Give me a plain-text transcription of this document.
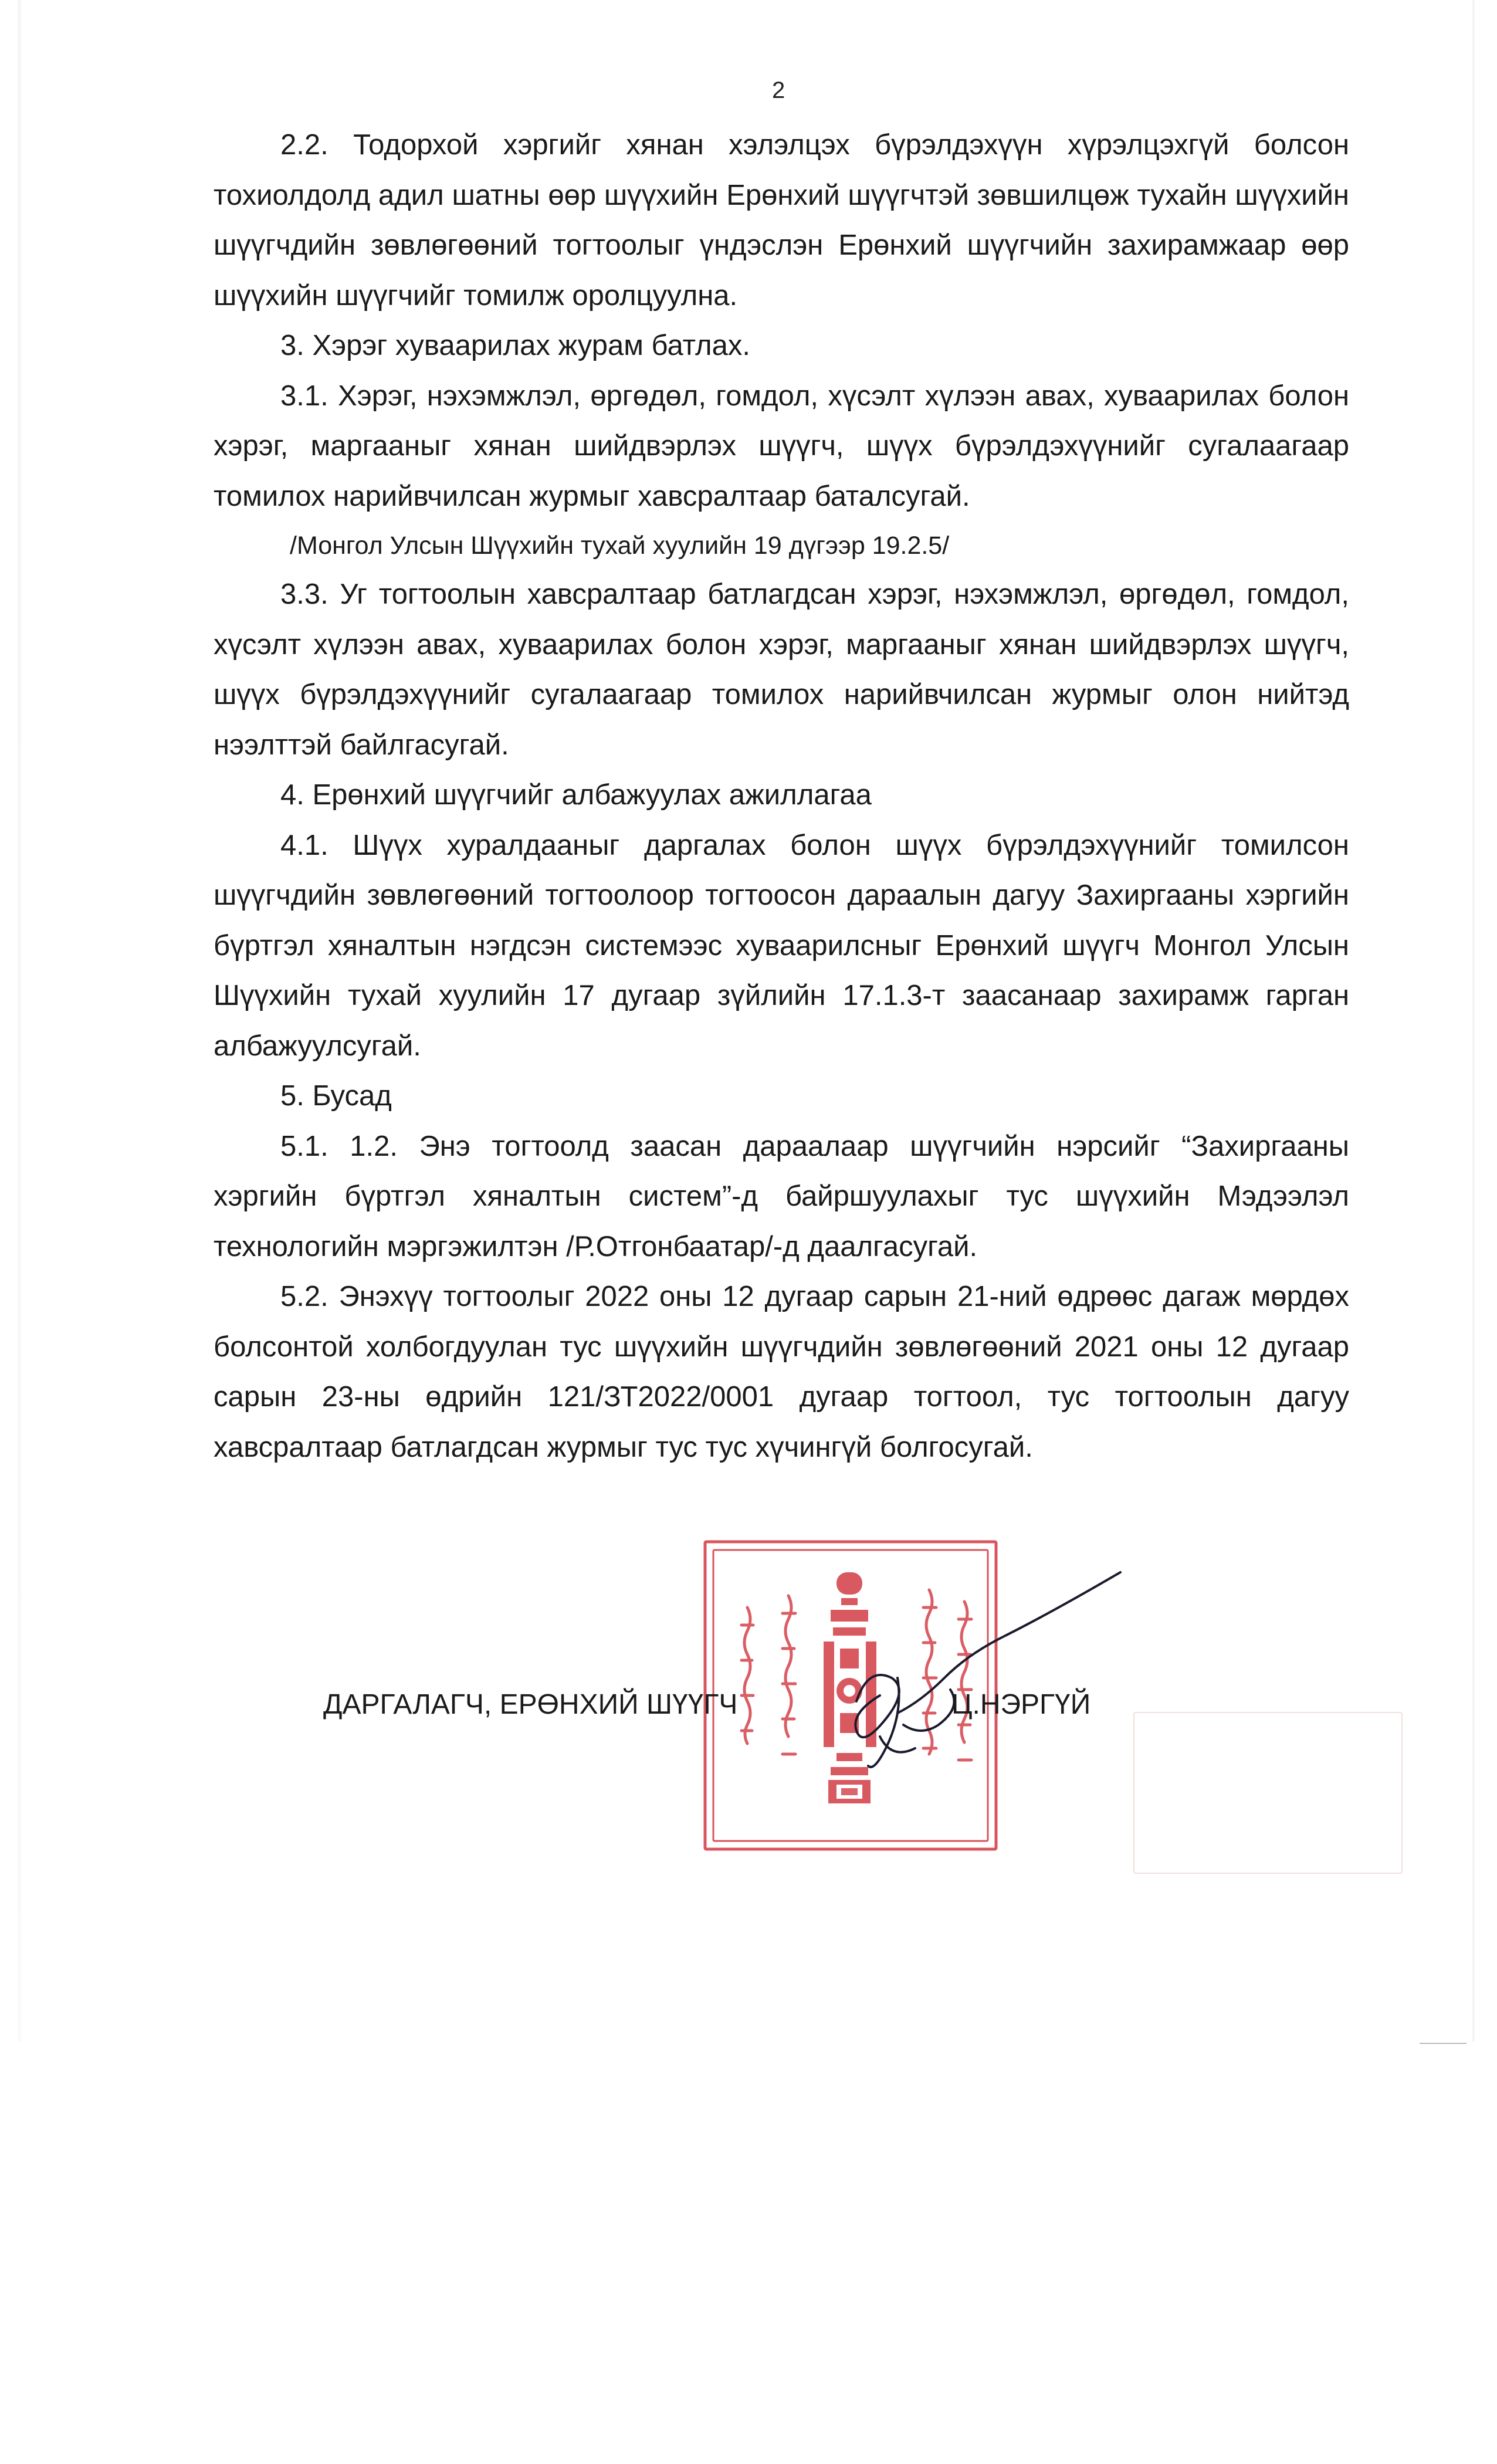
2

2.2. Тодорхой хэргийг хянан хэлэлцэх бүрэлдэхүүн хүрэлцэхгүй болсон тохиолдолд адил шатны өөр шүүхийн Ерөнхий шүүгчтэй зөвшилцөж тухайн шүүхийн шүүгчдийн зөвлөгөөний тогтоолыг үндэслэн Ерөнхий шүүгчийн захирамжаар өөр шүүхийн шүүгчийг томилж оролцуулна.

3. Хэрэг хуваарилах журам батлах.

3.1. Хэрэг, нэхэмжлэл, өргөдөл, гомдол, хүсэлт хүлээн авах, хуваарилах болон хэрэг, маргааныг хянан шийдвэрлэх шүүгч, шүүх бүрэлдэхүүнийг сугалаагаар томилох нарийвчилсан журмыг хавсралтаар баталсугай.

/Монгол Улсын Шүүхийн тухай хуулийн 19 дүгээр 19.2.5/

3.3. Уг тогтоолын хавсралтаар батлагдсан хэрэг, нэхэмжлэл, өргөдөл, гомдол, хүсэлт хүлээн авах, хуваарилах болон хэрэг, маргааныг хянан шийдвэрлэх шүүгч, шүүх бүрэлдэхүүнийг сугалаагаар томилох нарийвчилсан журмыг олон нийтэд нээлттэй байлгасугай.

4. Ерөнхий шүүгчийг албажуулах ажиллагаа

4.1. Шүүх хуралдааныг даргалах болон шүүх бүрэлдэхүүнийг томилсон шүүгчдийн зөвлөгөөний тогтоолоор тогтоосон дараалын дагуу Захиргааны хэргийн бүртгэл хяналтын нэгдсэн системээс хуваарилсныг Ерөнхий шүүгч Монгол Улсын Шүүхийн тухай хуулийн 17 дугаар зүйлийн 17.1.3-т заасанаар захирамж гарган албажуулсугай.

5. Бусад

5.1. 1.2. Энэ тогтоолд заасан дараалаар шүүгчийн нэрсийг “Захиргааны хэргийн бүртгэл хяналтын систем”-д байршуулахыг тус шүүхийн Мэдээлэл технологийн мэргэжилтэн /Р.Отгонбаатар/-д даалгасугай.

5.2. Энэхүү тогтоолыг 2022 оны 12 дугаар сарын 21-ний өдрөөс дагаж мөрдөх болсонтой холбогдуулан тус шүүхийн шүүгчдийн зөвлөгөөний 2021 оны 12 дугаар сарын 23-ны өдрийн 121/ЗТ2022/0001 дугаар тогтоол, тус тогтоолын дагуу хавсралтаар батлагдсан журмыг тус тус хүчингүй болгосугай.

ДАРГАЛАГЧ, ЕРӨНХИЙ ШҮҮГЧ	Ц.НЭРГҮЙ
